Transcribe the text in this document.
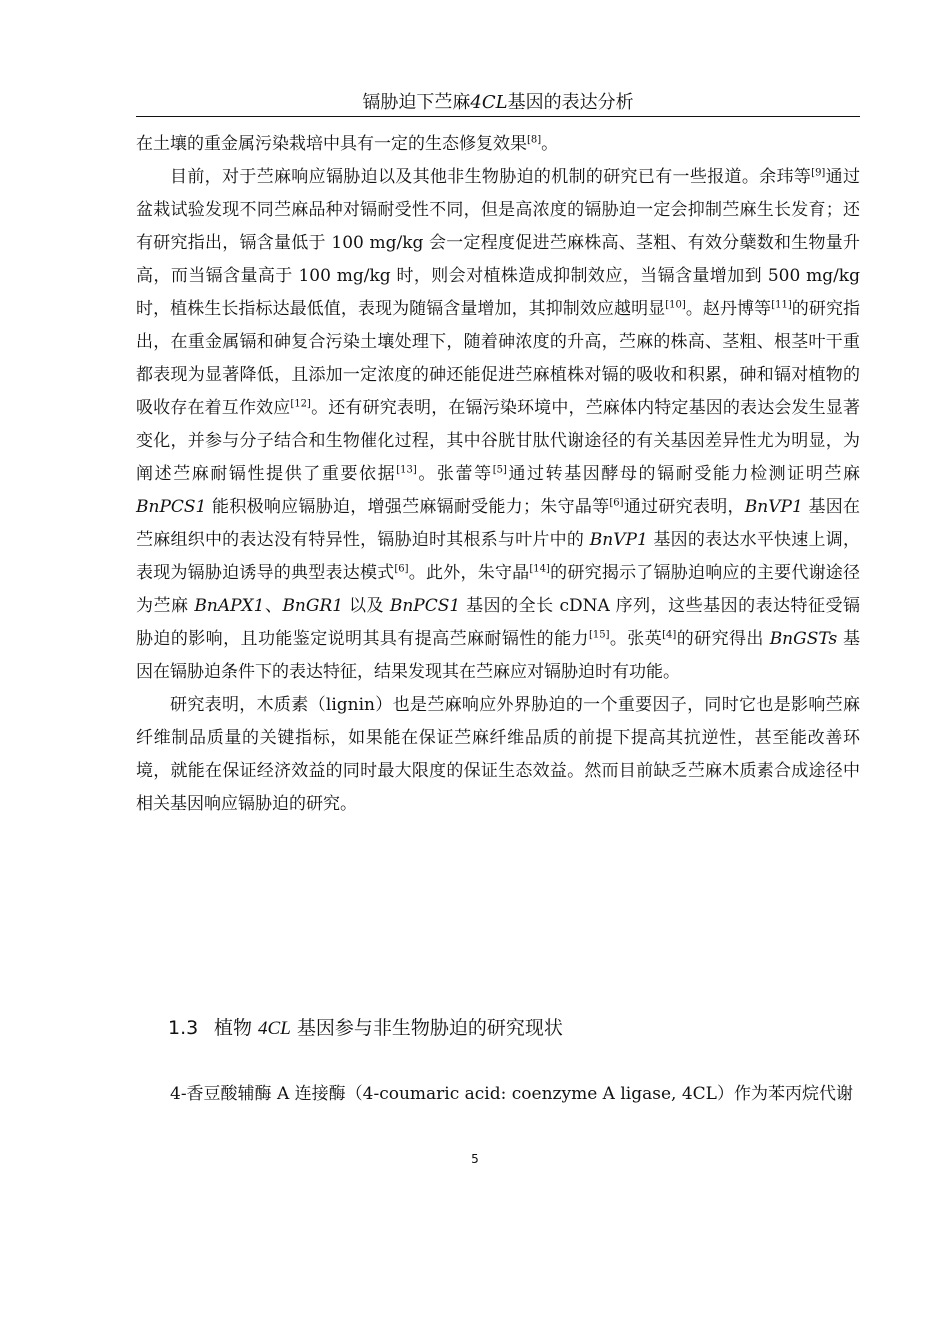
镉胁迫下苎麻4CL基因的表达分析

在土壤的重金属污染栽培中具有一定的生态修复效果[8]。

目前，对于苎麻响应镉胁迫以及其他非生物胁迫的机制的研究已有一些报道。余玮等[9]通过盆栽试验发现不同苎麻品种对镉耐受性不同，但是高浓度的镉胁迫一定会抑制苎麻生长发育；还有研究指出，镉含量低于 100 mg/kg 会一定程度促进苎麻株高、茎粗、有效分蘖数和生物量升高，而当镉含量高于 100 mg/kg 时，则会对植株造成抑制效应，当镉含量增加到 500 mg/kg 时，植株生长指标达最低值，表现为随镉含量增加，其抑制效应越明显[10]。赵丹博等[11]的研究指出，在重金属镉和砷复合污染土壤处理下，随着砷浓度的升高，苎麻的株高、茎粗、根茎叶干重都表现为显著降低，且添加一定浓度的砷还能促进苎麻植株对镉的吸收和积累，砷和镉对植物的吸收存在着互作效应[12]。还有研究表明，在镉污染环境中，苎麻体内特定基因的表达会发生显著变化，并参与分子结合和生物催化过程，其中谷胱甘肽代谢途径的有关基因差异性尤为明显，为阐述苎麻耐镉性提供了重要依据[13]。张蕾等[5]通过转基因酵母的镉耐受能力检测证明苎麻 BnPCS1 能积极响应镉胁迫，增强苎麻镉耐受能力；朱守晶等[6]通过研究表明，BnVP1 基因在苎麻组织中的表达没有特异性，镉胁迫时其根系与叶片中的 BnVP1 基因的表达水平快速上调，表现为镉胁迫诱导的典型表达模式[6]。此外，朱守晶[14]的研究揭示了镉胁迫响应的主要代谢途径为苎麻 BnAPX1、BnGR1 以及 BnPCS1 基因的全长 cDNA 序列，这些基因的表达特征受镉胁迫的影响，且功能鉴定说明其具有提高苎麻耐镉性的能力[15]。张英[4]的研究得出 BnGSTs 基因在镉胁迫条件下的表达特征，结果发现其在苎麻应对镉胁迫时有功能。

研究表明，木质素（lignin）也是苎麻响应外界胁迫的一个重要因子，同时它也是影响苎麻纤维制品质量的关键指标，如果能在保证苎麻纤维品质的前提下提高其抗逆性，甚至能改善环境，就能在保证经济效益的同时最大限度的保证生态效益。然而目前缺乏苎麻木质素合成途径中相关基因响应镉胁迫的研究。

1.3 植物 4CL 基因参与非生物胁迫的研究现状

4-香豆酸辅酶 A 连接酶（4-coumaric acid: coenzyme A ligase, 4CL）作为苯丙烷代谢

5
